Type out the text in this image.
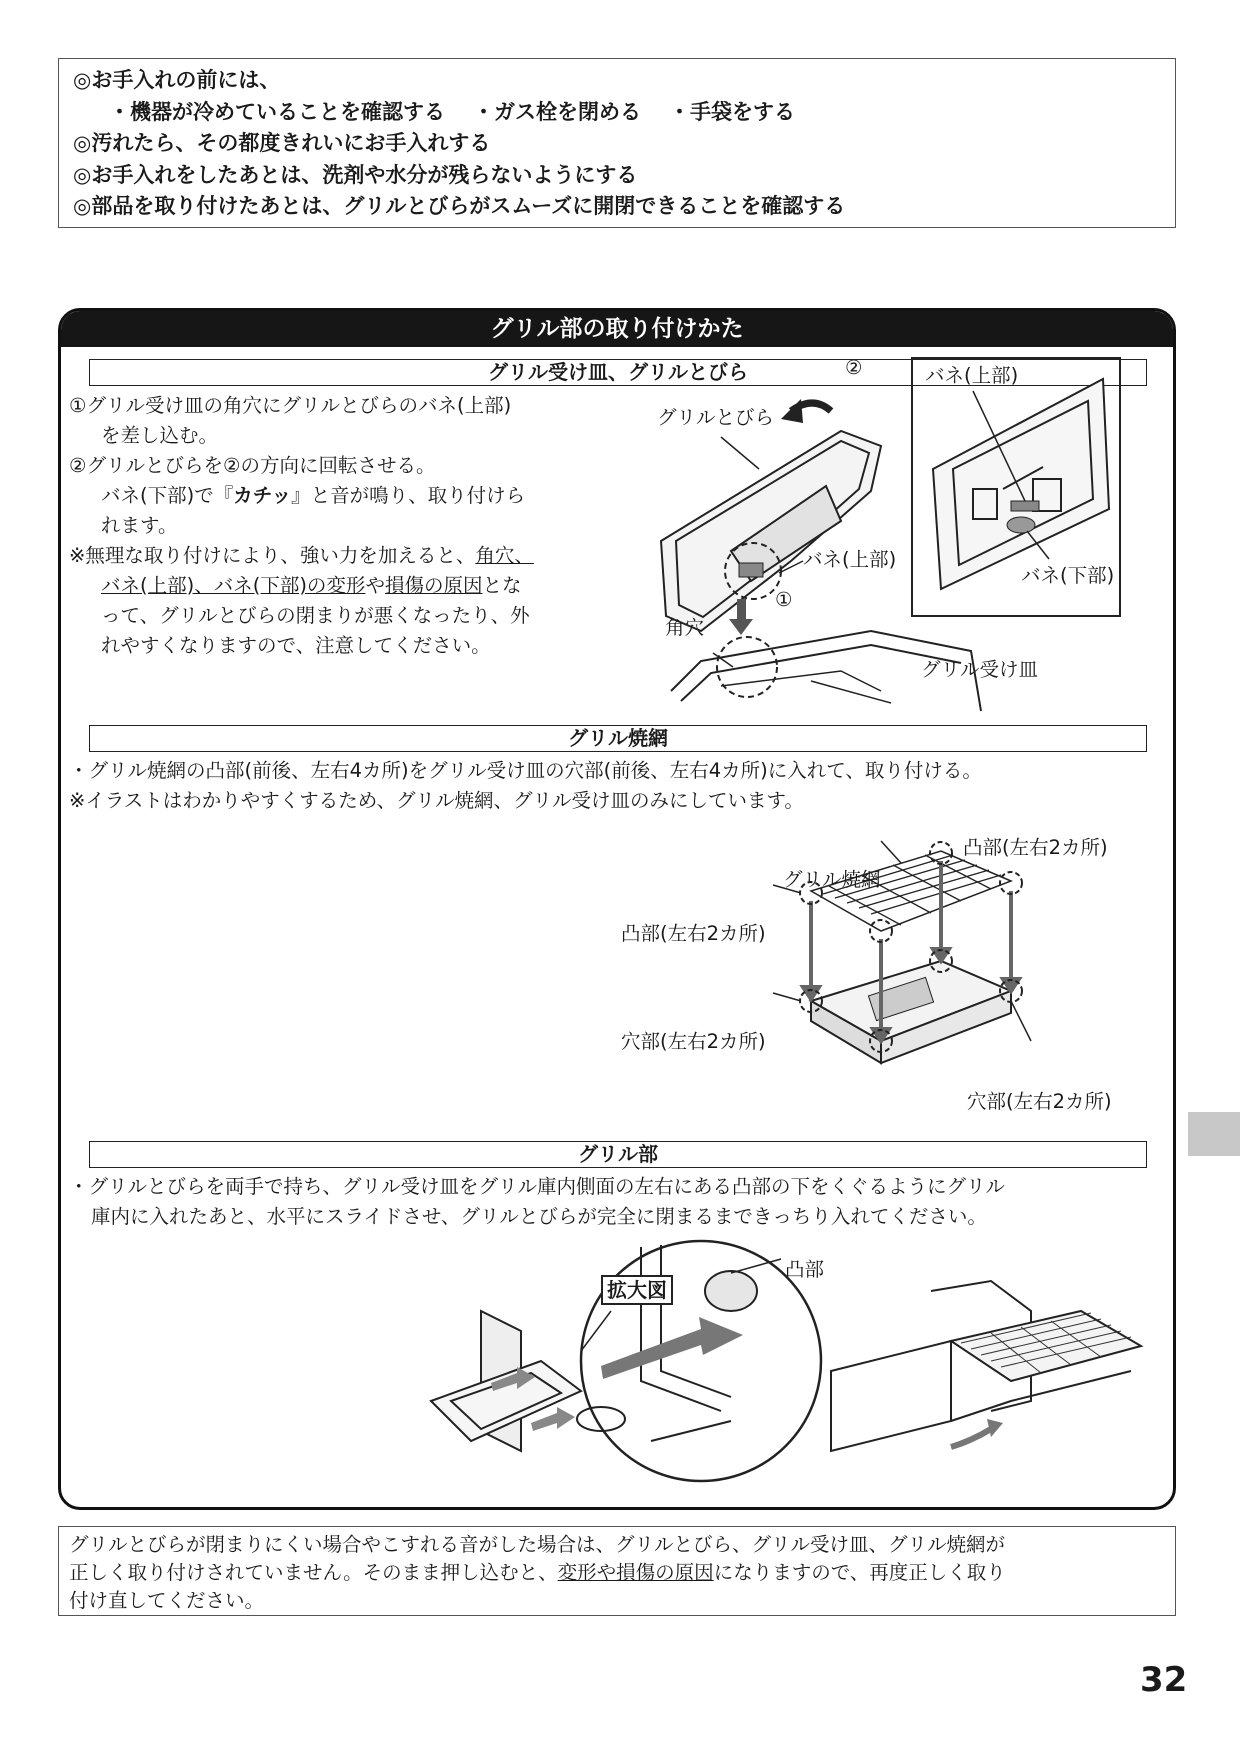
◎お手入れの前には、
・機器が冷めていることを確認する ・ガス栓を閉める ・手袋をする
◎汚れたら、その都度きれいにお手入れする
◎お手入れをしたあとは、洗剤や水分が残らないようにする
◎部品を取り付けたあとは、グリルとびらがスムーズに開閉できることを確認する
グリル部の取り付けかた
グリル受け皿、グリルとびら
①グリル受け皿の角穴にグリルとびらのバネ(上部)
を差し込む。
②グリルとびらを②の方向に回転させる。
バネ(下部)で『カチッ』と音が鳴り、取り付けら
れます。
※無理な取り付けにより、強い力を加えると、角穴、
バネ(上部)、バネ(下部)の変形や損傷の原因とな
って、グリルとびらの閉まりが悪くなったり、外
れやすくなりますので、注意してください。
グリルとびら
②
バネ(上部)
①
角穴
グリル受け皿
バネ(上部)
バネ(下部)
グリル焼網
・グリル焼網の凸部(前後、左右4カ所)をグリル受け皿の穴部(前後、左右4カ所)に入れて、取り付ける。
※イラストはわかりやすくするため、グリル焼網、グリル受け皿のみにしています。
凸部(左右2カ所)
グリル焼網
凸部(左右2カ所)
穴部(左右2カ所)
穴部(左右2カ所)
グリル部
・グリルとびらを両手で持ち、グリル受け皿をグリル庫内側面の左右にある凸部の下をくぐるようにグリル
庫内に入れたあと、水平にスライドさせ、グリルとびらが完全に閉まるまできっちり入れてください。
拡大図
凸部
グリルとびらが閉まりにくい場合やこすれる音がした場合は、グリルとびら、グリル受け皿、グリル焼網が
正しく取り付けされていません。そのまま押し込むと、変形や損傷の原因になりますので、再度正しく取り
付け直してください。
32
